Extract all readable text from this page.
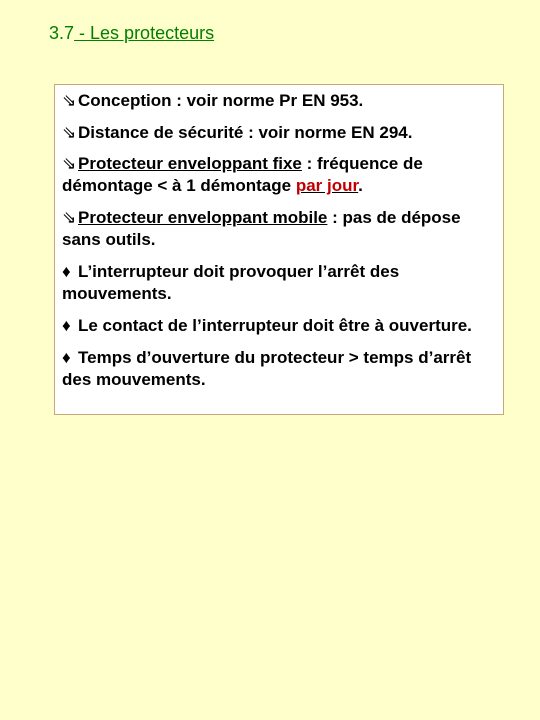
3.7 - Les protecteurs
⇘ Conception : voir norme Pr EN 953.
⇘ Distance de sécurité : voir norme EN 294.
⇘ Protecteur enveloppant fixe : fréquence de démontage < à 1 démontage par jour.
⇘ Protecteur enveloppant mobile : pas de dépose sans outils.
♦ L’interrupteur doit provoquer l’arrêt des mouvements.
♦ Le contact de l’interrupteur doit être à ouverture.
♦ Temps d’ouverture du protecteur > temps d’arrêt des mouvements.
